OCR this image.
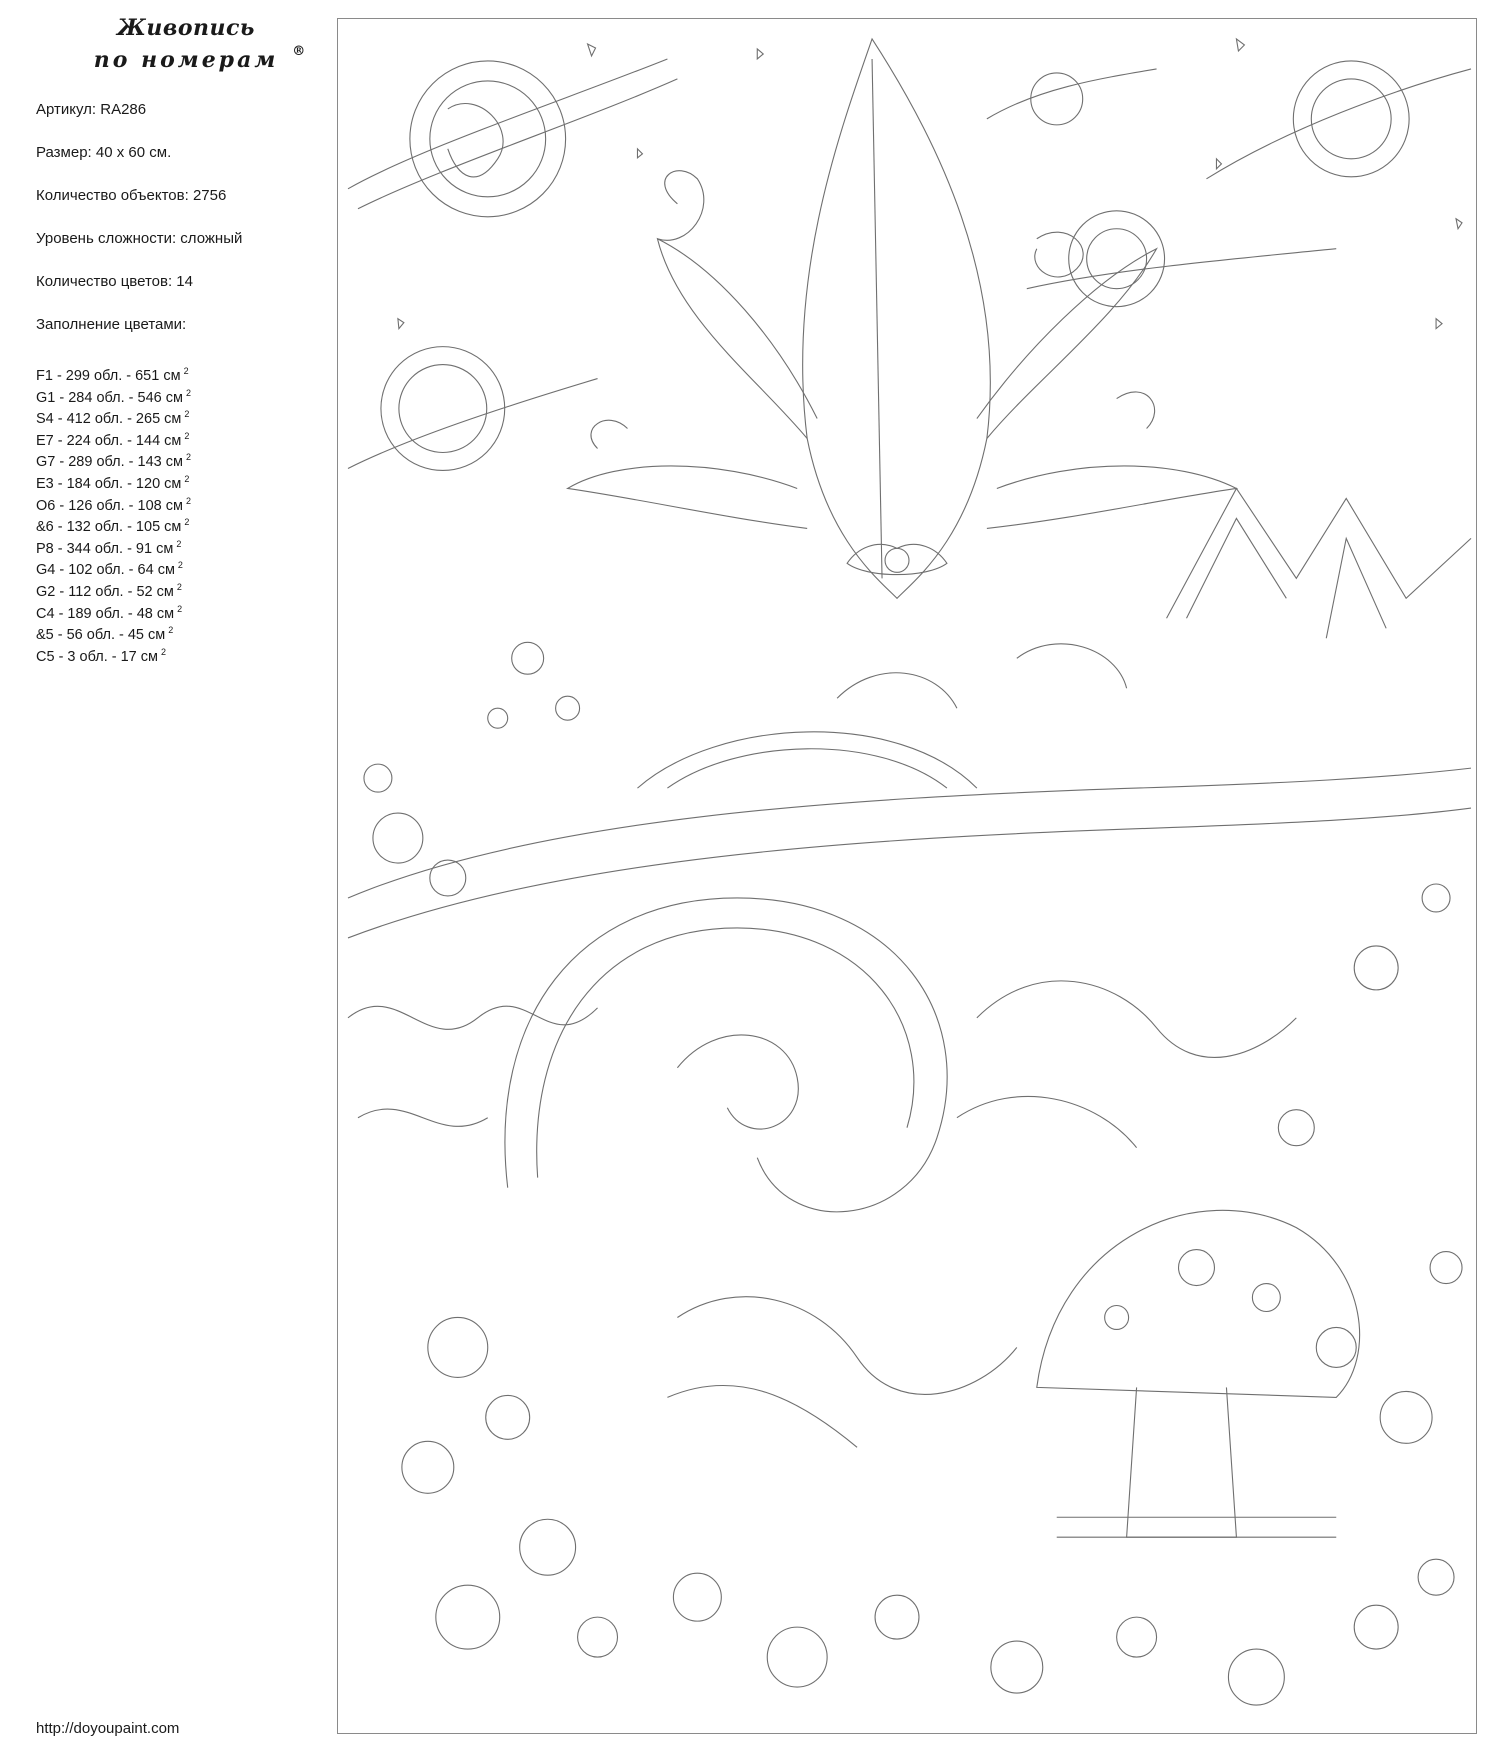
Живопись
по номерам ®
Артикул: RA286
Размер: 40 х 60 см.
Количество объектов: 2756
Уровень сложности: сложный
Количество цветов: 14
Заполнение цветами:
F1 - 299 обл. - 651 см $^2$
G1 - 284 обл. - 546 см $^2$
S4 - 412 обл. - 265 см $^2$
E7 - 224 обл. - 144 см $^2$
G7 - 289 обл. - 143 см $^2$
E3 - 184 обл. - 120 см $^2$
O6 - 126 обл. - 108 см $^2$
&6 - 132 обл. - 105 см $^2$
P8 - 344 обл. - 91 см $^2$
G4 - 102 обл. - 64 см $^2$
G2 - 112 обл. - 52 см $^2$
C4 - 189 обл. - 48 см $^2$
&5 - 56 обл. - 45 см $^2$
C5 - 3 обл. - 17 см $^2$
http://doyoupaint.com
